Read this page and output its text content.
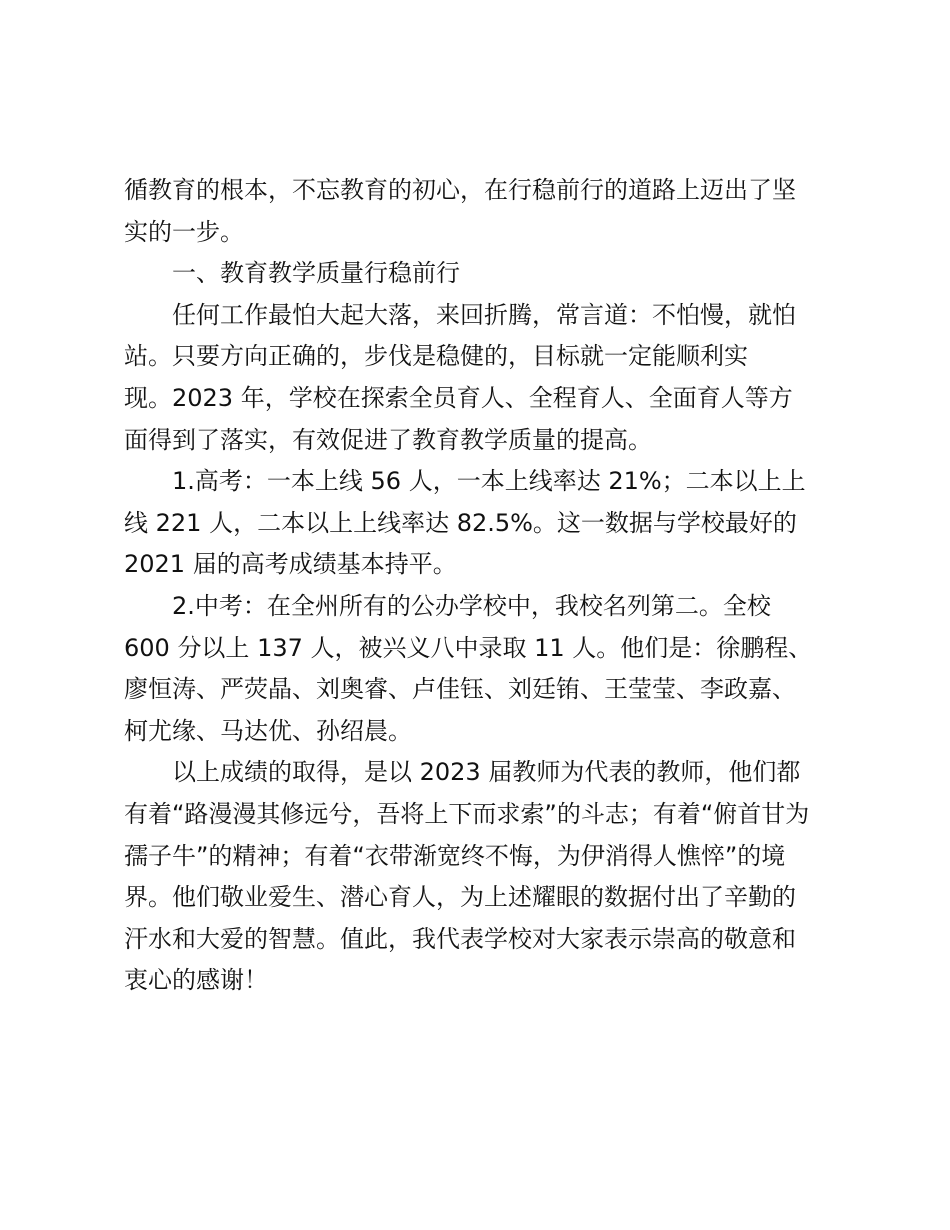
循教育的根本，不忘教育的初心，在行稳前行的道路上迈出了坚
实的一步。
一、教育教学质量行稳前行
任何工作最怕大起大落，来回折腾，常言道：不怕慢，就怕
站。只要方向正确的，步伐是稳健的，目标就一定能顺利实
现。2023 年，学校在探索全员育人、全程育人、全面育人等方
面得到了落实，有效促进了教育教学质量的提高。
1.高考：一本上线 56 人，一本上线率达 21%；二本以上上
线 221 人，二本以上上线率达 82.5%。这一数据与学校最好的
2021 届的高考成绩基本持平。
2.中考：在全州所有的公办学校中，我校名列第二。全校
600 分以上 137 人，被兴义八中录取 11 人。他们是：徐鹏程、
廖恒涛、严荧晶、刘奥睿、卢佳钰、刘廷铕、王莹莹、李政嘉、
柯尤缘、马达优、孙绍晨。
以上成绩的取得，是以 2023 届教师为代表的教师，他们都
有着“路漫漫其修远兮，吾将上下而求索”的斗志；有着“俯首甘为
孺子牛”的精神；有着“衣带渐宽终不悔，为伊消得人憔悴”的境
界。他们敬业爱生、潜心育人，为上述耀眼的数据付出了辛勤的
汗水和大爱的智慧。值此，我代表学校对大家表示崇高的敬意和
衷心的感谢！
